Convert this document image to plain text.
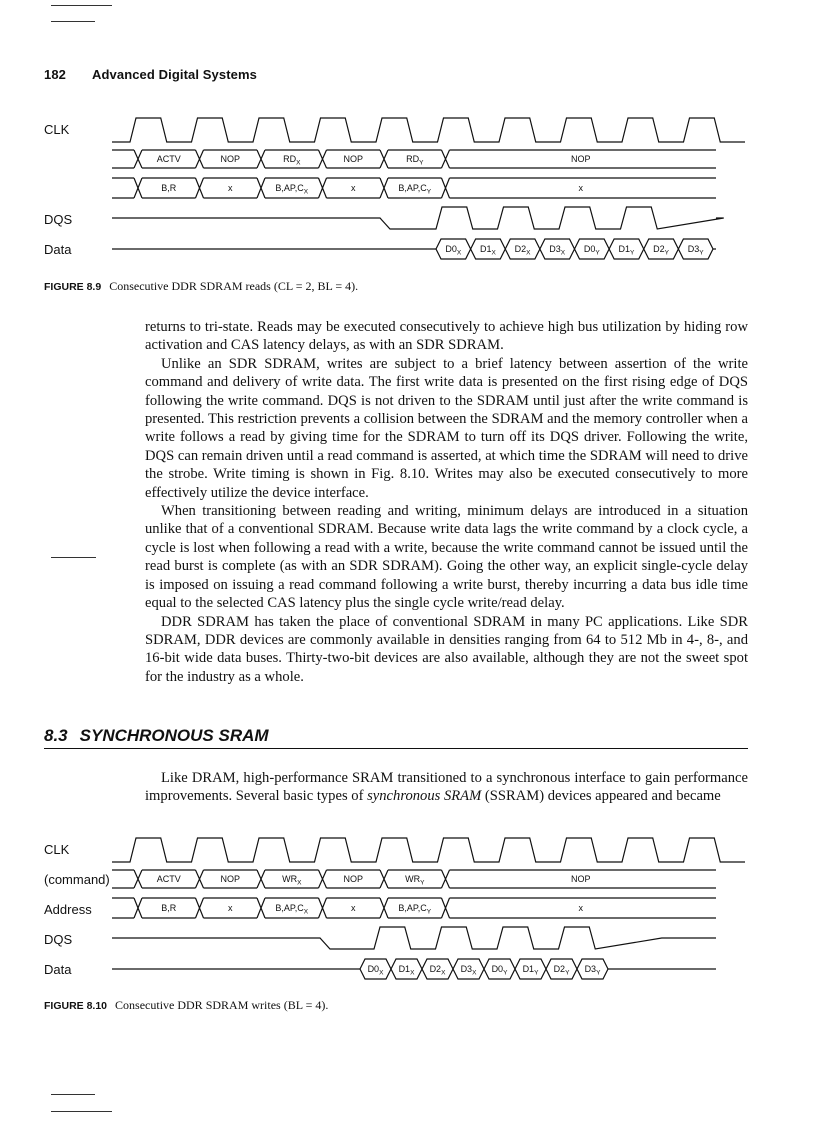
182 Advanced Digital Systems
CLK
DQS
Data
ACTV	NOP	$RD_X$	NOP	$RD_Y$	NOP
B,R	x	$B,AP,C_X$	x	$B,AP,C_Y$	x
$D0_X$ $D1_X$ $D2_X$ $D3_X$ $D0_Y$ $D1_Y$ $D2_Y$ $D3_Y$
FIGURE 8.9 Consecutive DDR SDRAM reads (CL = 2, BL = 4).

returns to tri-state. Reads may be executed consecutively to achieve high bus utilization by hiding row activation and CAS latency delays, as with an SDR SDRAM.

Unlike an SDR SDRAM, writes are subject to a brief latency between assertion of the write command and delivery of write data. The first write data is presented on the first rising edge of DQS following the write command. DQS is not driven to the SDRAM until just after the write command is presented. This restriction prevents a collision between the SDRAM and the memory controller when a write follows a read by giving time for the SDRAM to turn off its DQS driver. Following the write, DQS can remain driven until a read command is asserted, at which time the SDRAM will need to drive the strobe. Write timing is shown in Fig. 8.10. Writes may also be executed consecutively to more effectively utilize the device interface.

When transitioning between reading and writing, minimum delays are introduced in a situation unlike that of a conventional SDRAM. Because write data lags the write command by a clock cycle, a cycle is lost when following a read with a write, because the write command cannot be issued until the read burst is complete (as with an SDR SDRAM). Going the other way, an explicit single-cycle delay is imposed on issuing a read command following a write burst, thereby incurring a data bus idle time equal to the selected CAS latency plus the single cycle write/read delay.

DDR SDRAM has taken the place of conventional SDRAM in many PC applications. Like SDR SDRAM, DDR devices are commonly available in densities ranging from 64 to 512 Mb in 4-, 8-, and 16-bit wide data buses. Thirty-two-bit devices are also available, although they are not the sweet spot for the industry as a whole.

8.3 SYNCHRONOUS SRAM

Like DRAM, high-performance SRAM transitioned to a synchronous interface to gain performance improvements. Several basic types of synchronous SRAM (SSRAM) devices appeared and became

CLK
(command)
Address
DQS
Data
ACTV	NOP	$WR_X$	NOP	$WR_Y$	NOP
B,R	x	$B,AP,C_X$	x	$B,AP,C_Y$	x
$D0_X$ $D1_X$ $D2_X$ $D3_X$ $D0_Y$ $D1_Y$ $D2_Y$ $D3_Y$
FIGURE 8.10 Consecutive DDR SDRAM writes (BL = 4).
